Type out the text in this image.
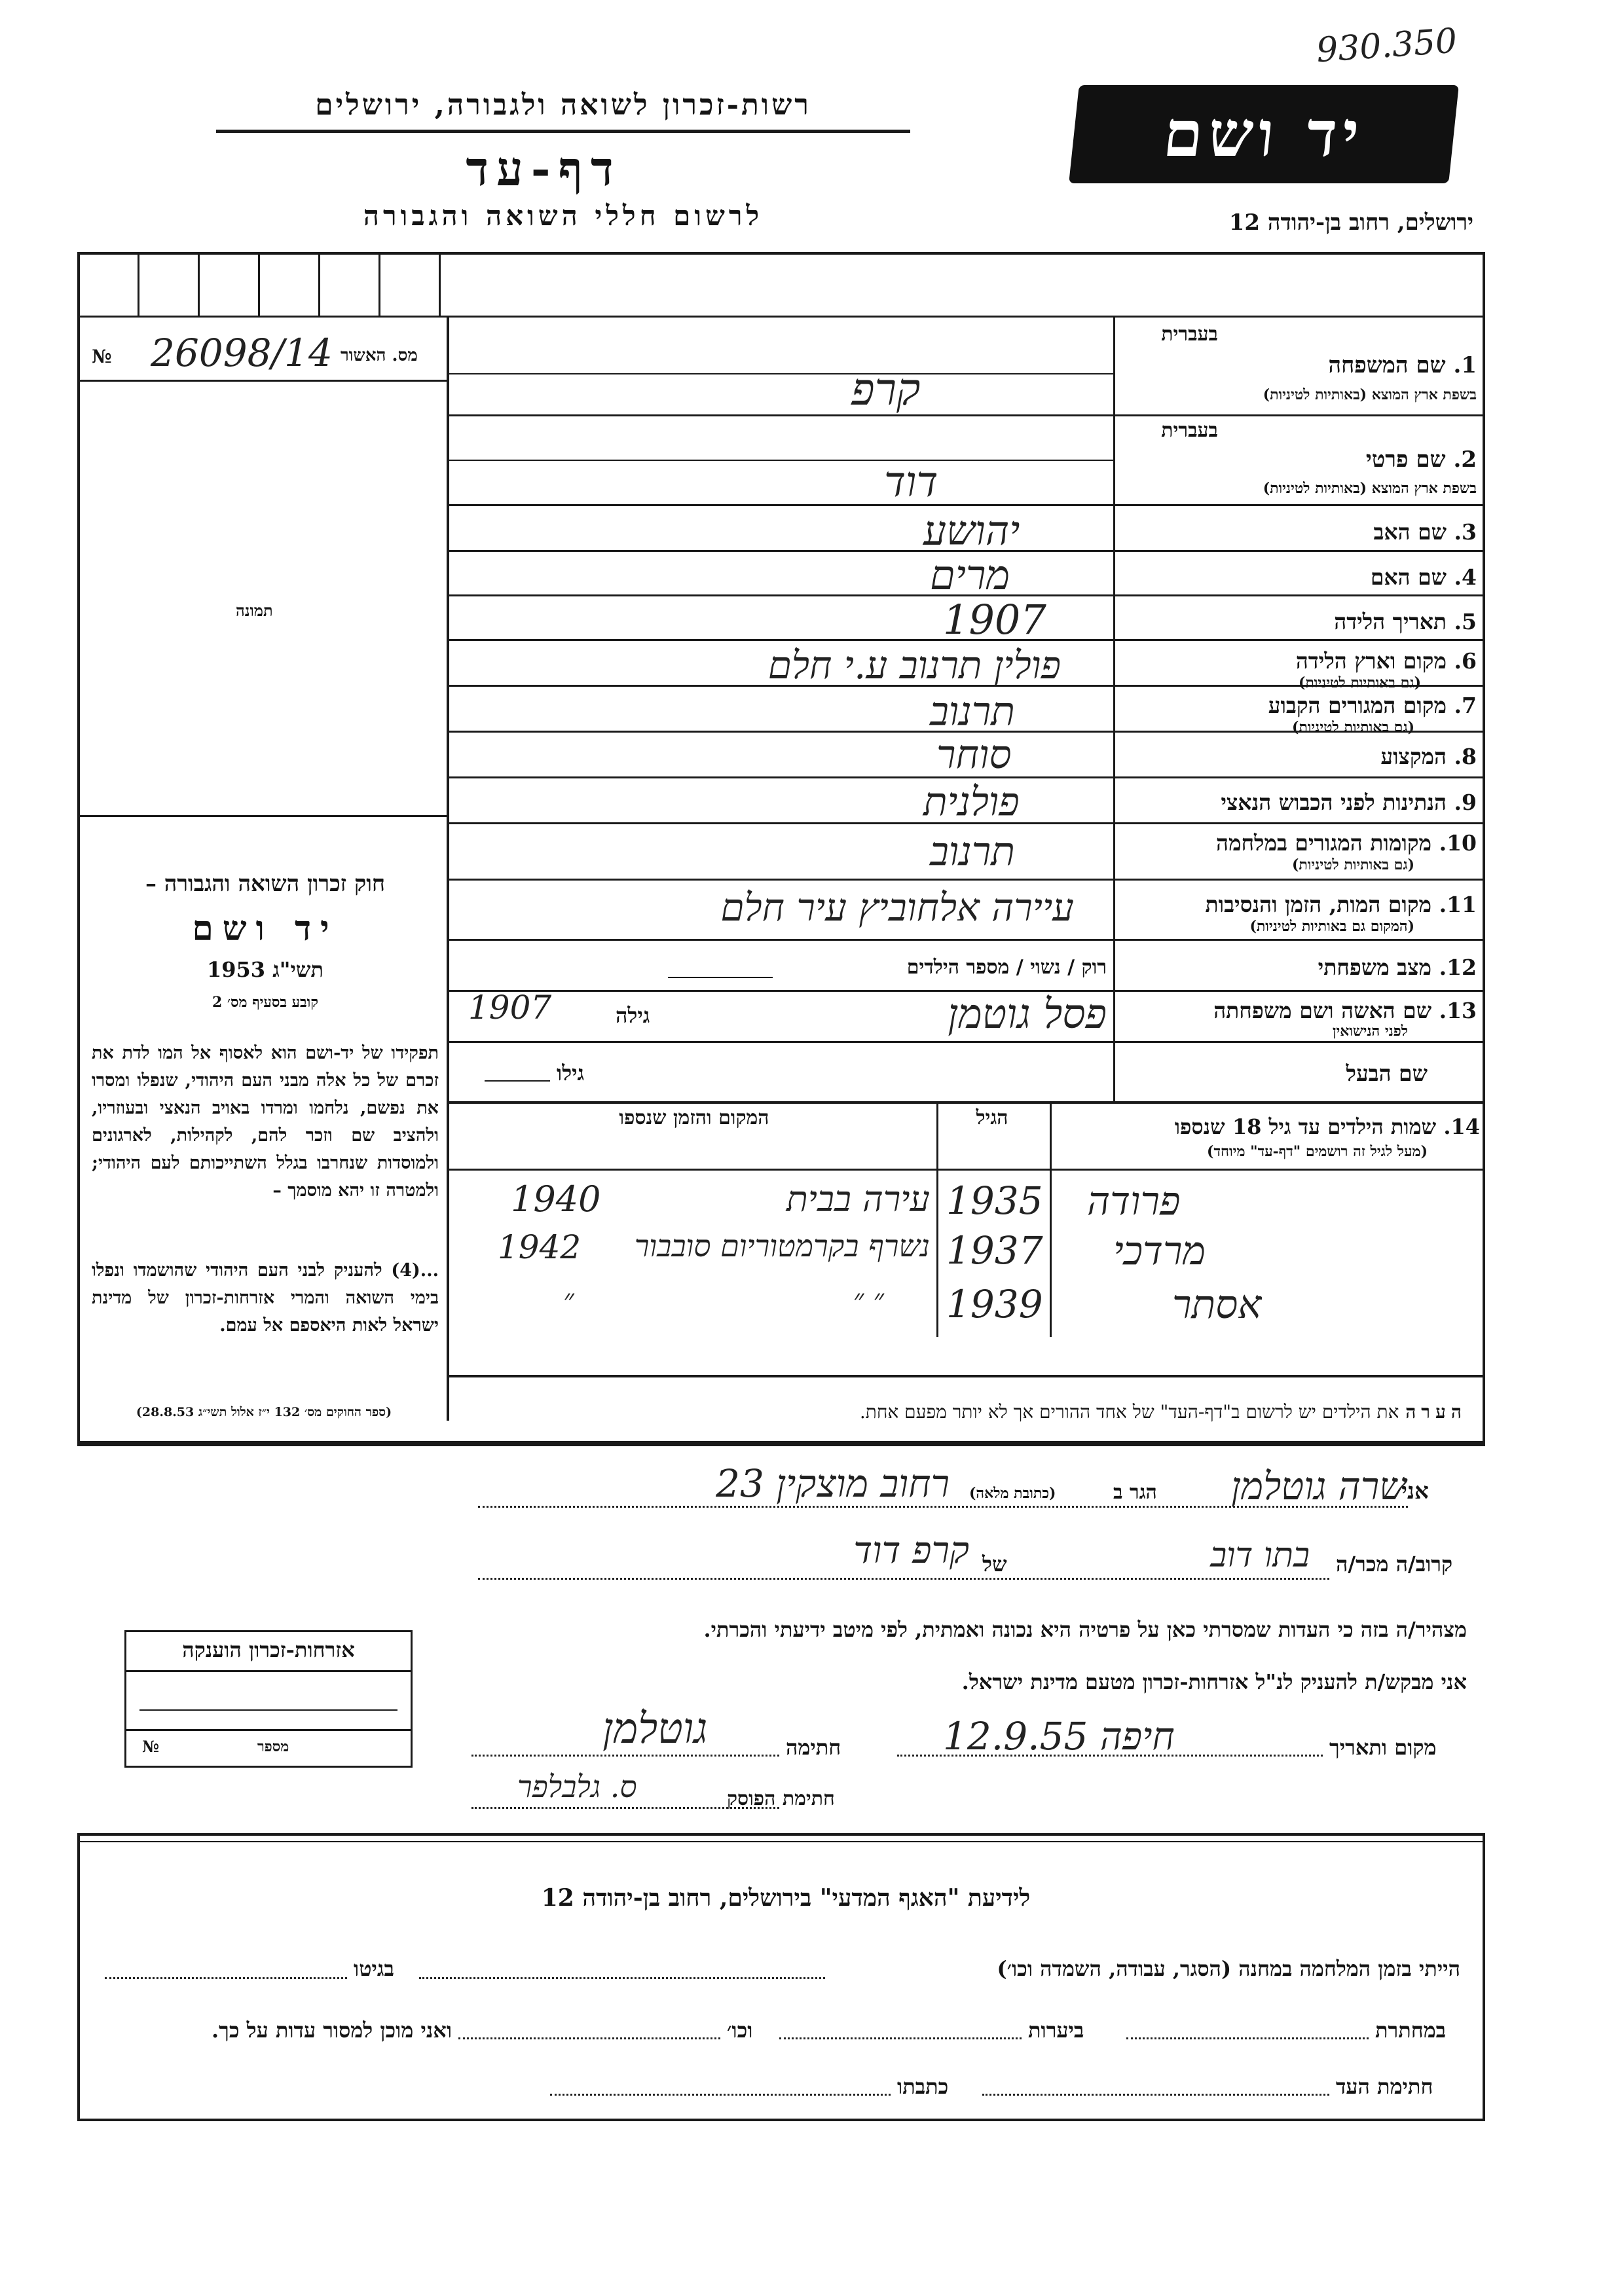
930.350
רשות-זכרון לשואה ולגבורה, ירושלים
דף-עד
לרשום חללי השואה והגבורה
יד ושם
ירושלים, רחוב בן-יהודה 12
№ 26098/14 מס. האשור
תמונה
חוק זכרון השואה והגבורה –
יד ושם
תשי"ג 1953
קובע בסעיף מס׳ 2
תפקידו של יד-ושם הוא לאסוף אל המו לדת את זכרם של כל אלה מבני העם היהודי, שנפלו ומסרו את נפשם, נלחמו ומרדו באויב הנאצי ובעוזריו, ולהציב שם וזכר להם, לקהילות, לארגונים ולמוסדות שנחרבו בגלל השתייכותם לעם היהודי; ולמטרה זו יהא מוסמך –
...(4) להעניק לבני העם היהודי שהושמדו ונפלו בימי השואה והמרי אזרחות-זכרון של מדינת ישראל לאות היאספם אל עמם.
(ספר החוקים מס׳ 132 י״ז אלול תשי״ג 28.8.53)
בעברית
1. שם המשפחה
בשפת ארץ המוצא (באותיות לטיניות)
קרפ
בעברית
2. שם פרטי
בשפת ארץ המוצא (באותיות לטיניות)
דוד
3. שם האב
יהושע
4. שם האם
מרים
5. תאריך הלידה
1907
6. מקום וארץ הלידה
(גם באותיות לטיניות)
פולין תרנוב ע.י חלם
7. מקום המגורים הקבוע
(גם באותיות לטיניות)
תרנוב
8. המקצוע
סוחר
9. הנתינות לפני הכבוש הנאצי
פולנית
10. מקומות המגורים במלחמה
(גם באותיות לטיניות)
תרנוב
11. מקום המות, הזמן והנסיבות
(המקום גם באותיות לטיניות)
עיירה אלחוביץ עיר חלם
12. מצב משפחתי
רוק / נשוי / מספר הילדים
13. שם האשה ושם משפחתה
לפני הנישואין
פסל גוטמן
1907	גילה
שם הבעל
גילו
14. שמות הילדים עד גיל 18 שנספו
(מעל לגיל זה רושמים "דף-עד" מיוחד)
הגיל
המקום והזמן שנספו
פרודה
1935
עירה בבית
1940
מרדכי
1937
נשרף בקרמטוריום סובבור
1942
אסתר
1939
״ ״
״
הערה את הילדים יש לרשום ב"דף-העד" של אחד ההורים אך לא יותר מפעם אחת.
אני
שרה גוטלמן
הגר ב
(כתובת מלאה)
רחוב מוצקין 23
קרוב/ה מכר/ה
בתו דוב
של
קרפ דוד
מצהיר/ה בזה כי העדות שמסרתי כאן על פרטיה היא נכונה ואמתית, לפי מיטב ידיעתי והכרתי.
אני מבקש/ת להעניק לנ"ל אזרחות-זכרון מטעם מדינת ישראל.
מקום ותאריך
חיפה 12.9.55
חתימה
גוטלמן
ס. גלבלפר	חתימת הפוסק
אזרחות-זכרון הוענקה
מספר
№
לידיעת "האגף המדעי" בירושלים, רחוב בן-יהודה 12
הייתי בזמן המלחמה במחנה (הסגר, עבודה, השמדה וכו׳)
בגיטו
במחתרת
ביערות
וכו׳
ואני מוכן למסור עדות על כך.
חתימת העד
כתבתו
